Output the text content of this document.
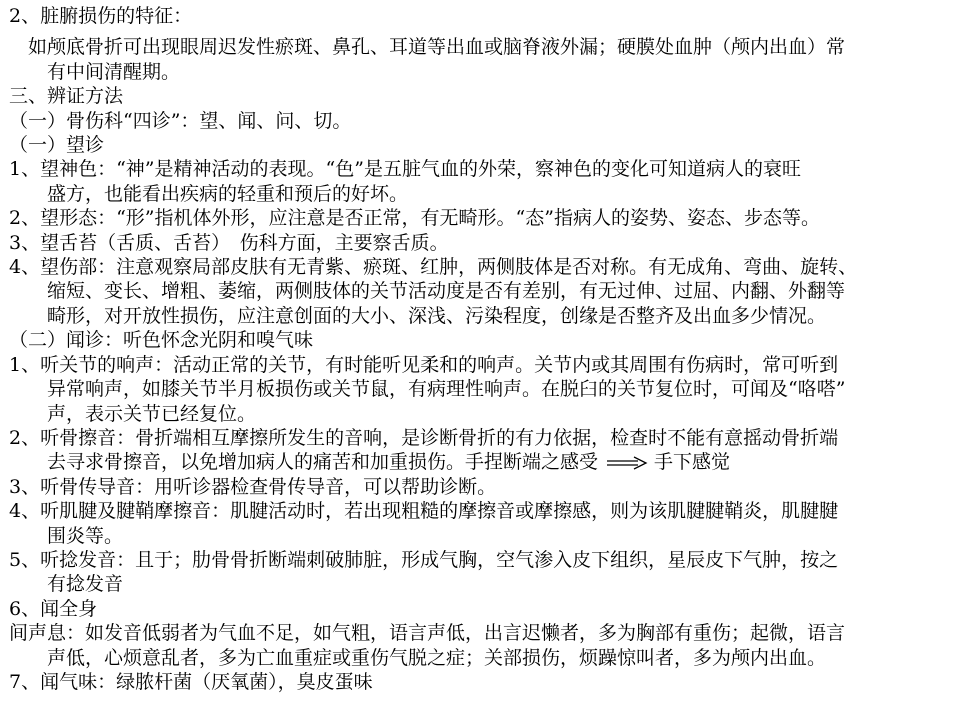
2、脏腑损伤的特征：
如颅底骨折可出现眼周迟发性瘀斑、鼻孔、耳道等出血或脑脊液外漏；硬膜处血肿（颅内出血）常
有中间清醒期。
三、辨证方法
（一）骨伤科“四诊”：望、闻、问、切。
（一）望诊
1、望神色：“神”是精神活动的表现。“色”是五脏气血的外荣，察神色的变化可知道病人的衰旺
盛方，也能看出疾病的轻重和预后的好坏。
2、望形态：“形”指机体外形，应注意是否正常，有无畸形。“态”指病人的姿势、姿态、步态等。
3、望舌苔（舌质、舌苔）　伤科方面，主要察舌质。
4、望伤部：注意观察局部皮肤有无青紫、瘀斑、红肿，两侧肢体是否对称。有无成角、弯曲、旋转、
缩短、变长、增粗、萎缩，两侧肢体的关节活动度是否有差别，有无过伸、过屈、内翻、外翻等
畸形，对开放性损伤，应注意创面的大小、深浅、污染程度，创缘是否整齐及出血多少情况。
（二）闻诊：听色怀念光阴和嗅气味
1、听关节的响声：活动正常的关节，有时能听见柔和的响声。关节内或其周围有伤病时，常可听到
异常响声，如膝关节半月板损伤或关节鼠，有病理性响声。在脱臼的关节复位时，可闻及“咯嗒”
声，表示关节已经复位。
2、听骨擦音：骨折端相互摩擦所发生的音响，是诊断骨折的有力依据，检查时不能有意摇动骨折端
去寻求骨擦音，以免增加病人的痛苦和加重损伤。手捏断端之感受	手下感觉
3、听骨传导音：用听诊器检查骨传导音，可以帮助诊断。
4、听肌腱及腱鞘摩擦音：肌腱活动时，若出现粗糙的摩擦音或摩擦感，则为该肌腱腱鞘炎，肌腱腱
围炎等。
5、听捻发音：且于；肋骨骨折断端刺破肺脏，形成气胸，空气渗入皮下组织，星辰皮下气肿，按之
有捻发音
6、闻全身
间声息：如发音低弱者为气血不足，如气粗，语言声低，出言迟懒者，多为胸部有重伤；起微，语言
声低，心烦意乱者，多为亡血重症或重伤气脱之症；关部损伤，烦躁惊叫者，多为颅内出血。
7、闻气味：绿脓杆菌（厌氧菌），臭皮蛋味
